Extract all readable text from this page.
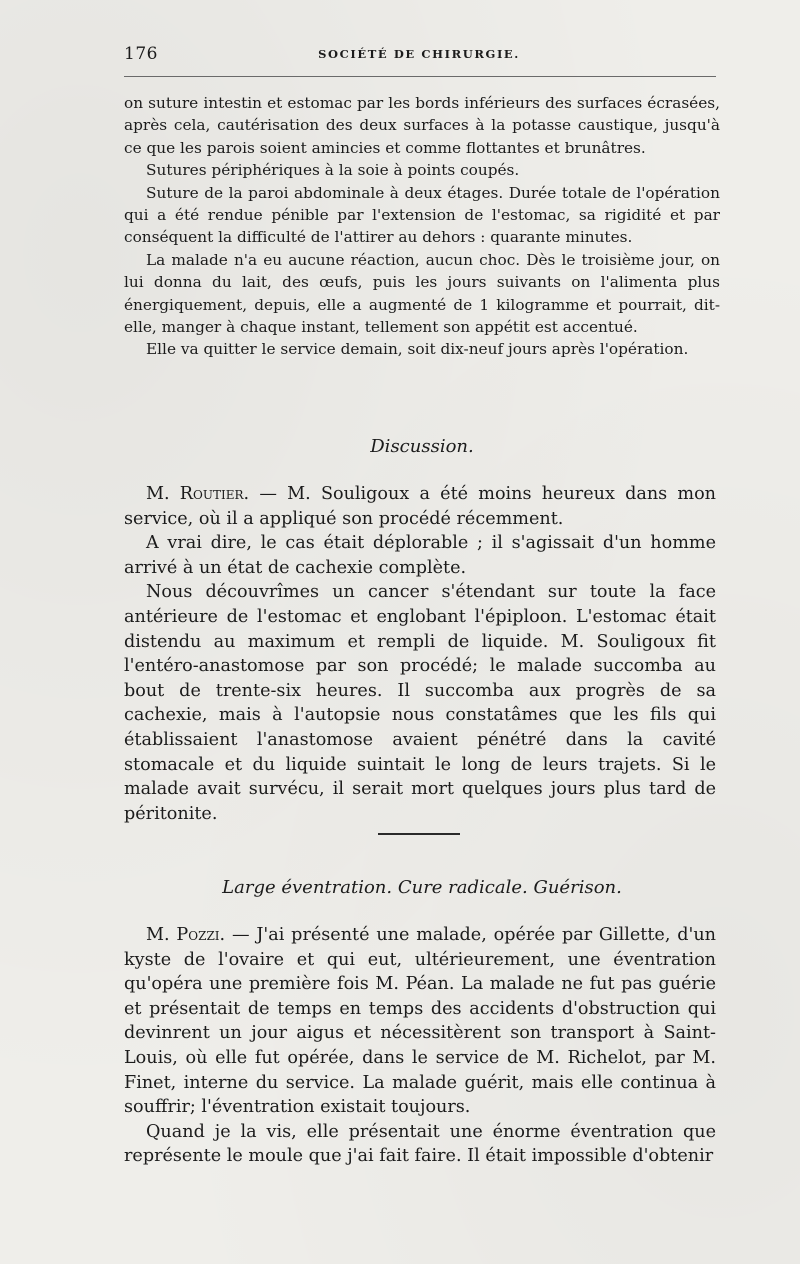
176	SOCIÉTÉ DE CHIRURGIE.

on suture intestin et estomac par les bords inférieurs des surfaces écrasées, après cela, cautérisation des deux surfaces à la potasse caustique, jusqu'à ce que les parois soient amincies et comme flottantes et brunâtres.

Sutures périphériques à la soie à points coupés.

Suture de la paroi abdominale à deux étages. Durée totale de l'opération qui a été rendue pénible par l'extension de l'estomac, sa rigidité et par conséquent la difficulté de l'attirer au dehors : quarante minutes.

La malade n'a eu aucune réaction, aucun choc. Dès le troisième jour, on lui donna du lait, des œufs, puis les jours suivants on l'alimenta plus énergiquement, depuis, elle a augmenté de 1 kilogramme et pourrait, dit-elle, manger à chaque instant, tellement son appétit est accentué.

Elle va quitter le service demain, soit dix-neuf jours après l'opération.

Discussion.

M. Routier. — M. Souligoux a été moins heureux dans mon service, où il a appliqué son procédé récemment.

A vrai dire, le cas était déplorable ; il s'agissait d'un homme arrivé à un état de cachexie complète.

Nous découvrîmes un cancer s'étendant sur toute la face antérieure de l'estomac et englobant l'épiploon. L'estomac était distendu au maximum et rempli de liquide. M. Souligoux fit l'entéro-anastomose par son procédé; le malade succomba au bout de trente-six heures. Il succomba aux progrès de sa cachexie, mais à l'autopsie nous constatâmes que les fils qui établissaient l'anastomose avaient pénétré dans la cavité stomacale et du liquide suintait le long de leurs trajets. Si le malade avait survécu, il serait mort quelques jours plus tard de péritonite.

Large éventration. Cure radicale. Guérison.

M. Pozzi. — J'ai présenté une malade, opérée par Gillette, d'un kyste de l'ovaire et qui eut, ultérieurement, une éventration qu'opéra une première fois M. Péan. La malade ne fut pas guérie et présentait de temps en temps des accidents d'obstruction qui devinrent un jour aigus et nécessitèrent son transport à Saint-Louis, où elle fut opérée, dans le service de M. Richelot, par M. Finet, interne du service. La malade guérit, mais elle continua à souffrir; l'éventration existait toujours.

Quand je la vis, elle présentait une énorme éventration que représente le moule que j'ai fait faire. Il était impossible d'obtenir
